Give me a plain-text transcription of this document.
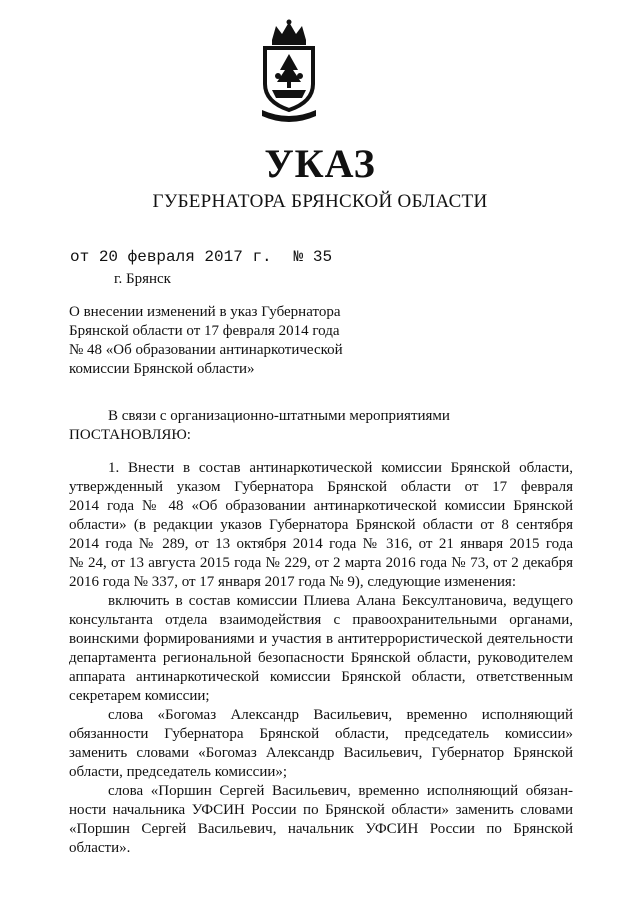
УКАЗ
ГУБЕРНАТОРА БРЯНСКОЙ ОБЛАСТИ
от 20 февраля 2017 г. № 35
г. Брянск
О внесении изменений в указ Губернатора
Брянской области от 17 февраля 2014 года
№ 48 «Об образовании антинаркотической
комиссии Брянской области»
В связи с организационно-штатными мероприятиями
ПОСТАНОВЛЯЮ:
1. Внести в состав антинаркотической комиссии Брянской области,
утвержденный указом Губернатора Брянской области от 17 февраля
2014 года № 48 «Об образовании антинаркотической комиссии Брянской
области» (в редакции указов Губернатора Брянской области от 8 сентября
2014 года № 289, от 13 октября 2014 года № 316, от 21 января 2015 года
№ 24, от 13 августа 2015 года № 229, от 2 марта 2016 года № 73, от 2 декабря
2016 года № 337, от 17 января 2017 года № 9), следующие изменения:
включить в состав комиссии Плиева Алана Бексултановича, ведущего
консультанта отдела взаимодействия с правоохранительными органами,
воинскими формированиями и участия в антитеррористической деятельности
департамента региональной безопасности Брянской области, руководителем
аппарата антинаркотической комиссии Брянской области, ответственным
секретарем комиссии;
слова «Богомаз Александр Васильевич, временно исполняющий
обязанности Губернатора Брянской области, председатель комиссии»
заменить словами «Богомаз Александр Васильевич, Губернатор Брянской
области, председатель комиссии»;
слова «Поршин Сергей Васильевич, временно исполняющий обязан-
ности начальника УФСИН России по Брянской области» заменить словами
«Поршин Сергей Васильевич, начальник УФСИН России по Брянской
области».
